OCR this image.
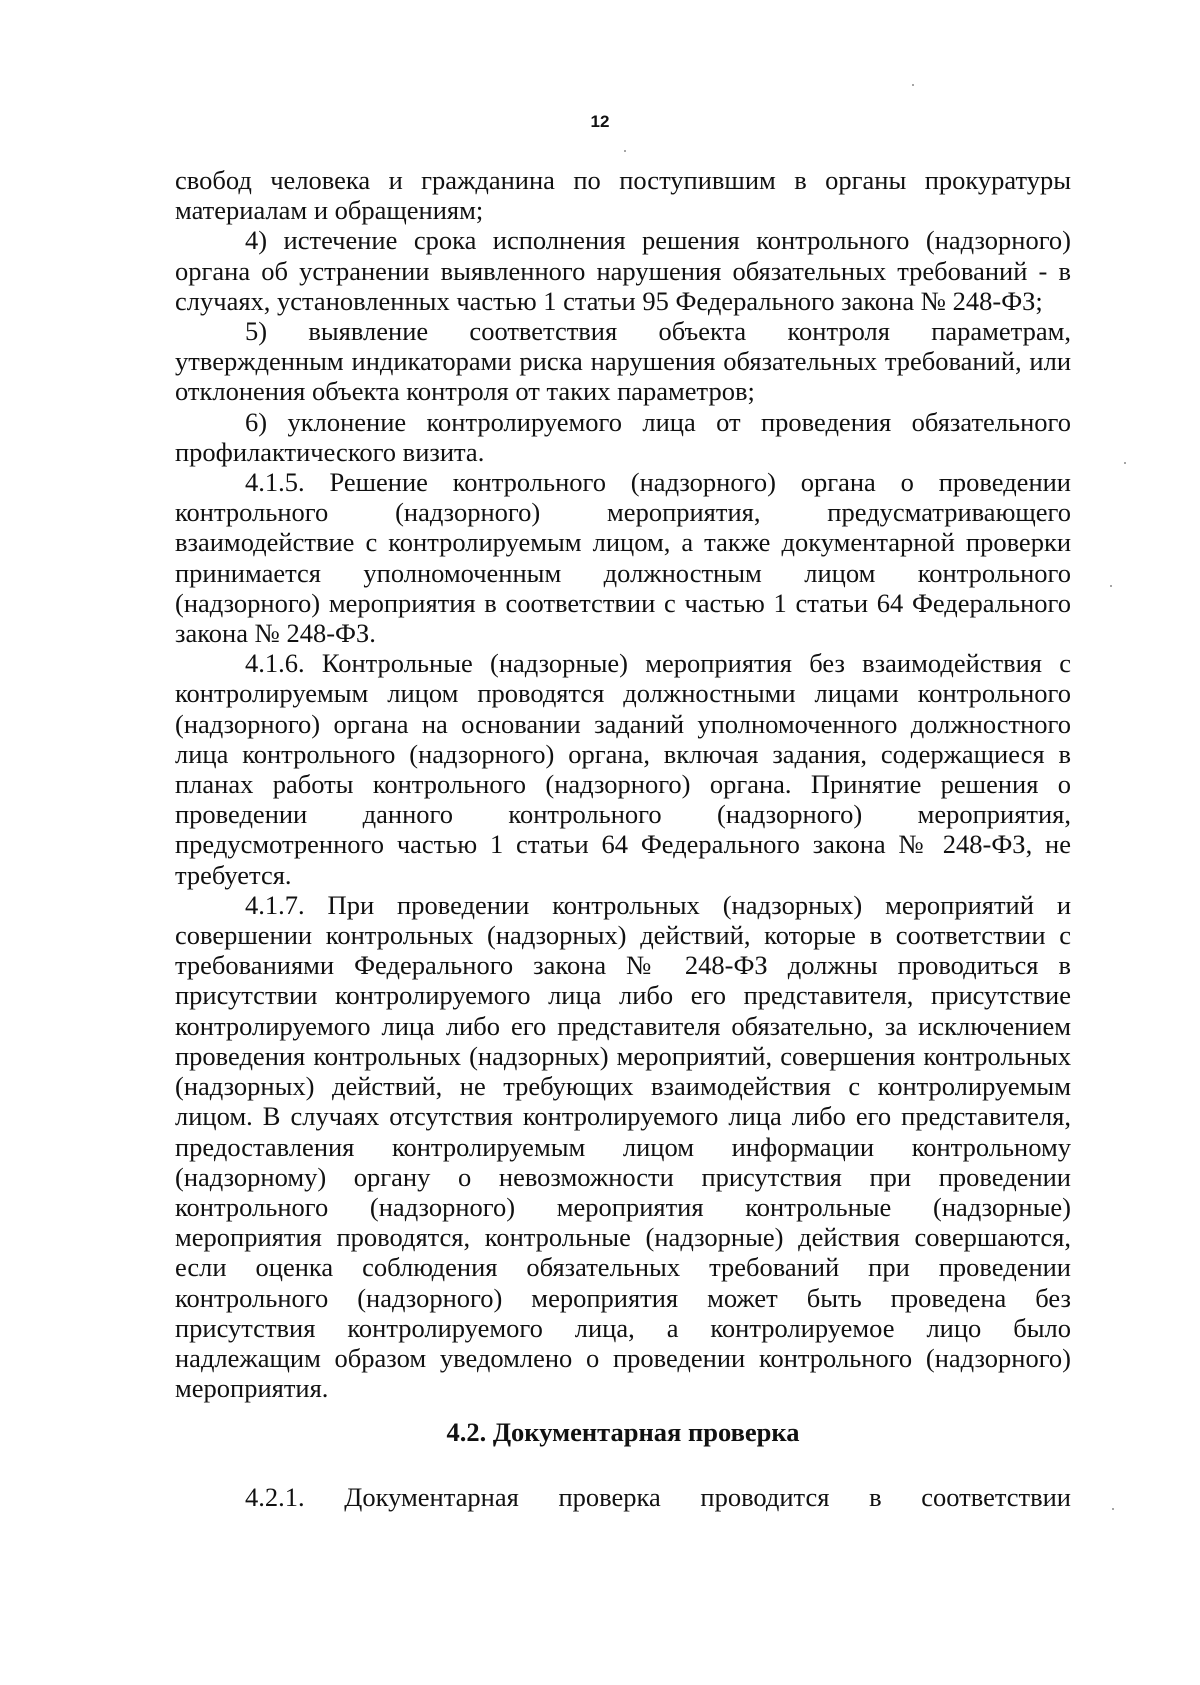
12

свобод человека и гражданина по поступившим в органы прокуратуры материалам и обращениям;

4) истечение срока исполнения решения контрольного (надзорного) органа об устранении выявленного нарушения обязательных требований - в случаях, установленных частью 1 статьи 95 Федерального закона № 248-ФЗ;

5) выявление соответствия объекта контроля параметрам, утвержденным индикаторами риска нарушения обязательных требований, или отклонения объекта контроля от таких параметров;

6) уклонение контролируемого лица от проведения обязательного профилактического визита.

4.1.5. Решение контрольного (надзорного) органа о проведении контрольного (надзорного) мероприятия, предусматривающего взаимодействие с контролируемым лицом, а также документарной проверки принимается уполномоченным должностным лицом контрольного (надзорного) мероприятия в соответствии с частью 1 статьи 64 Федерального закона № 248-ФЗ.

4.1.6. Контрольные (надзорные) мероприятия без взаимодействия с контролируемым лицом проводятся должностными лицами контрольного (надзорного) органа на основании заданий уполномоченного должностного лица контрольного (надзорного) органа, включая задания, содержащиеся в планах работы контрольного (надзорного) органа. Принятие решения о проведении данного контрольного (надзорного) мероприятия, предусмотренного частью 1 статьи 64 Федерального закона № 248-ФЗ, не требуется.

4.1.7. При проведении контрольных (надзорных) мероприятий и совершении контрольных (надзорных) действий, которые в соответствии с требованиями Федерального закона № 248-ФЗ должны проводиться в присутствии контролируемого лица либо его представителя, присутствие контролируемого лица либо его представителя обязательно, за исключением проведения контрольных (надзорных) мероприятий, совершения контрольных (надзорных) действий, не требующих взаимодействия с контролируемым лицом. В случаях отсутствия контролируемого лица либо его представителя, предоставления контролируемым лицом информации контрольному (надзорному) органу о невозможности присутствия при проведении контрольного (надзорного) мероприятия контрольные (надзорные) мероприятия проводятся, контрольные (надзорные) действия совершаются, если оценка соблюдения обязательных требований при проведении контрольного (надзорного) мероприятия может быть проведена без присутствия контролируемого лица, а контролируемое лицо было надлежащим образом уведомлено о проведении контрольного (надзорного) мероприятия.

4.2. Документарная проверка
4.2.1. Документарная проверка проводится в соответствии
